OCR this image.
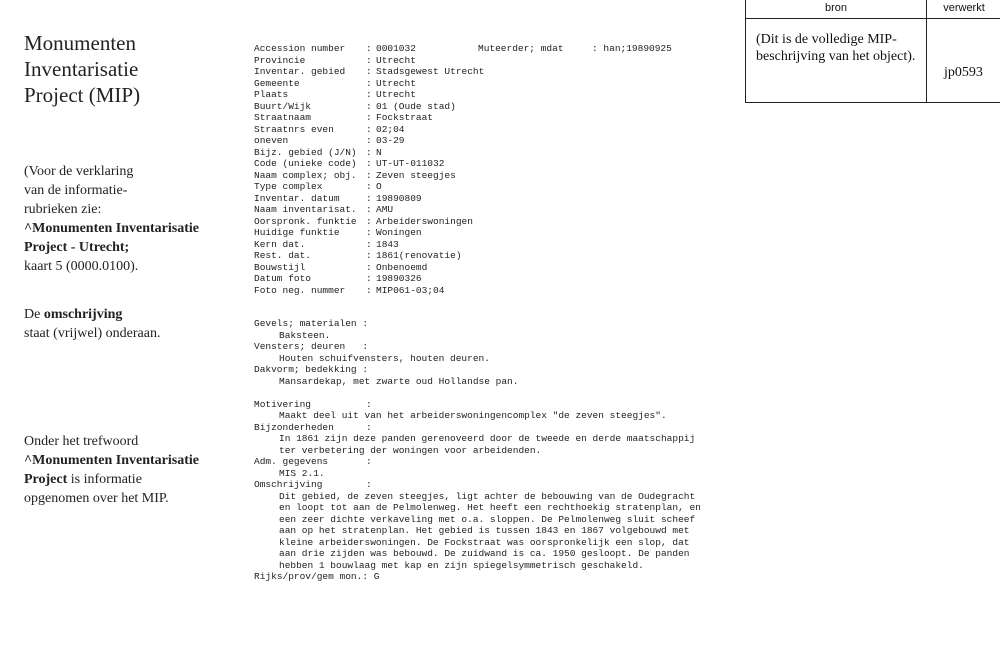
Monumenten
Inventarisatie
Project (MIP)
(Voor de verklaring
van de informatie-
rubrieken zie:
^Monumenten Inventarisatie
Project - Utrecht;
kaart 5 (0000.0100).
De omschrijving
staat (vrijwel) onderaan.
Onder het trefwoord
^Monumenten Inventarisatie
Project is informatie
opgenomen over het MIP.
bron	verwerkt
(Dit is de volledige MIP-beschrijving van het object).
jp0593
Muteerder; mdat     : han;19890925
Accession number : 0001032
Provincie	: Utrecht
Inventar. gebied : Stadsgewest Utrecht
Gemeente	: Utrecht
Plaats	: Utrecht
Buurt/Wijk	: 01 (Oude stad)
Straatnaam	: Fockstraat
Straatnrs even	: 02;04
oneven	: 03-29
Bijz. gebied (J/N) : N
Code (unieke code) : UT-UT-011032
Naam complex; obj. : Zeven steegjes
Type complex	: O
Inventar. datum	: 19890809
Naam inventarisat. : AMU
Oorspronk. funktie : Arbeiderswoningen
Huidige funktie	: Woningen
Kern dat.	: 1843
Rest. dat.	: 1861(renovatie)
Bouwstijl	: Onbenoemd
Datum foto	: 19890326
Foto neg. nummer : MIP061-03;04
Gevels; materialen :
Baksteen.
Vensters; deuren   :
Houten schuifvensters, houten deuren.
Dakvorm; bedekking :
Mansardekap, met zwarte oud Hollandse pan.
Motivering	:
Maakt deel uit van het arbeiderswoningencomplex "de zeven steegjes".
Bijzonderheden	:
In 1861 zijn deze panden gerenoveerd door de tweede en derde maatschappij
ter verbetering der woningen voor arbeidenden.
Adm. gegevens	:
MIS 2.1.
Omschrijving	:
Dit gebied, de zeven steegjes, ligt achter de bebouwing van de Oudegracht
en loopt tot aan de Pelmolenweg. Het heeft een rechthoekig stratenplan, en
een zeer dichte verkaveling met o.a. sloppen. De Pelmolenweg sluit scheef
aan op het stratenplan. Het gebied is tussen 1843 en 1867 volgebouwd met
kleine arbeiderswoningen. De Fockstraat was oorspronkelijk een slop, dat
aan drie zijden was bebouwd. De zuidwand is ca. 1950 gesloopt. De panden
hebben 1 bouwlaag met kap en zijn spiegelsymmetrisch geschakeld.
Rijks/prov/gem mon.: G
